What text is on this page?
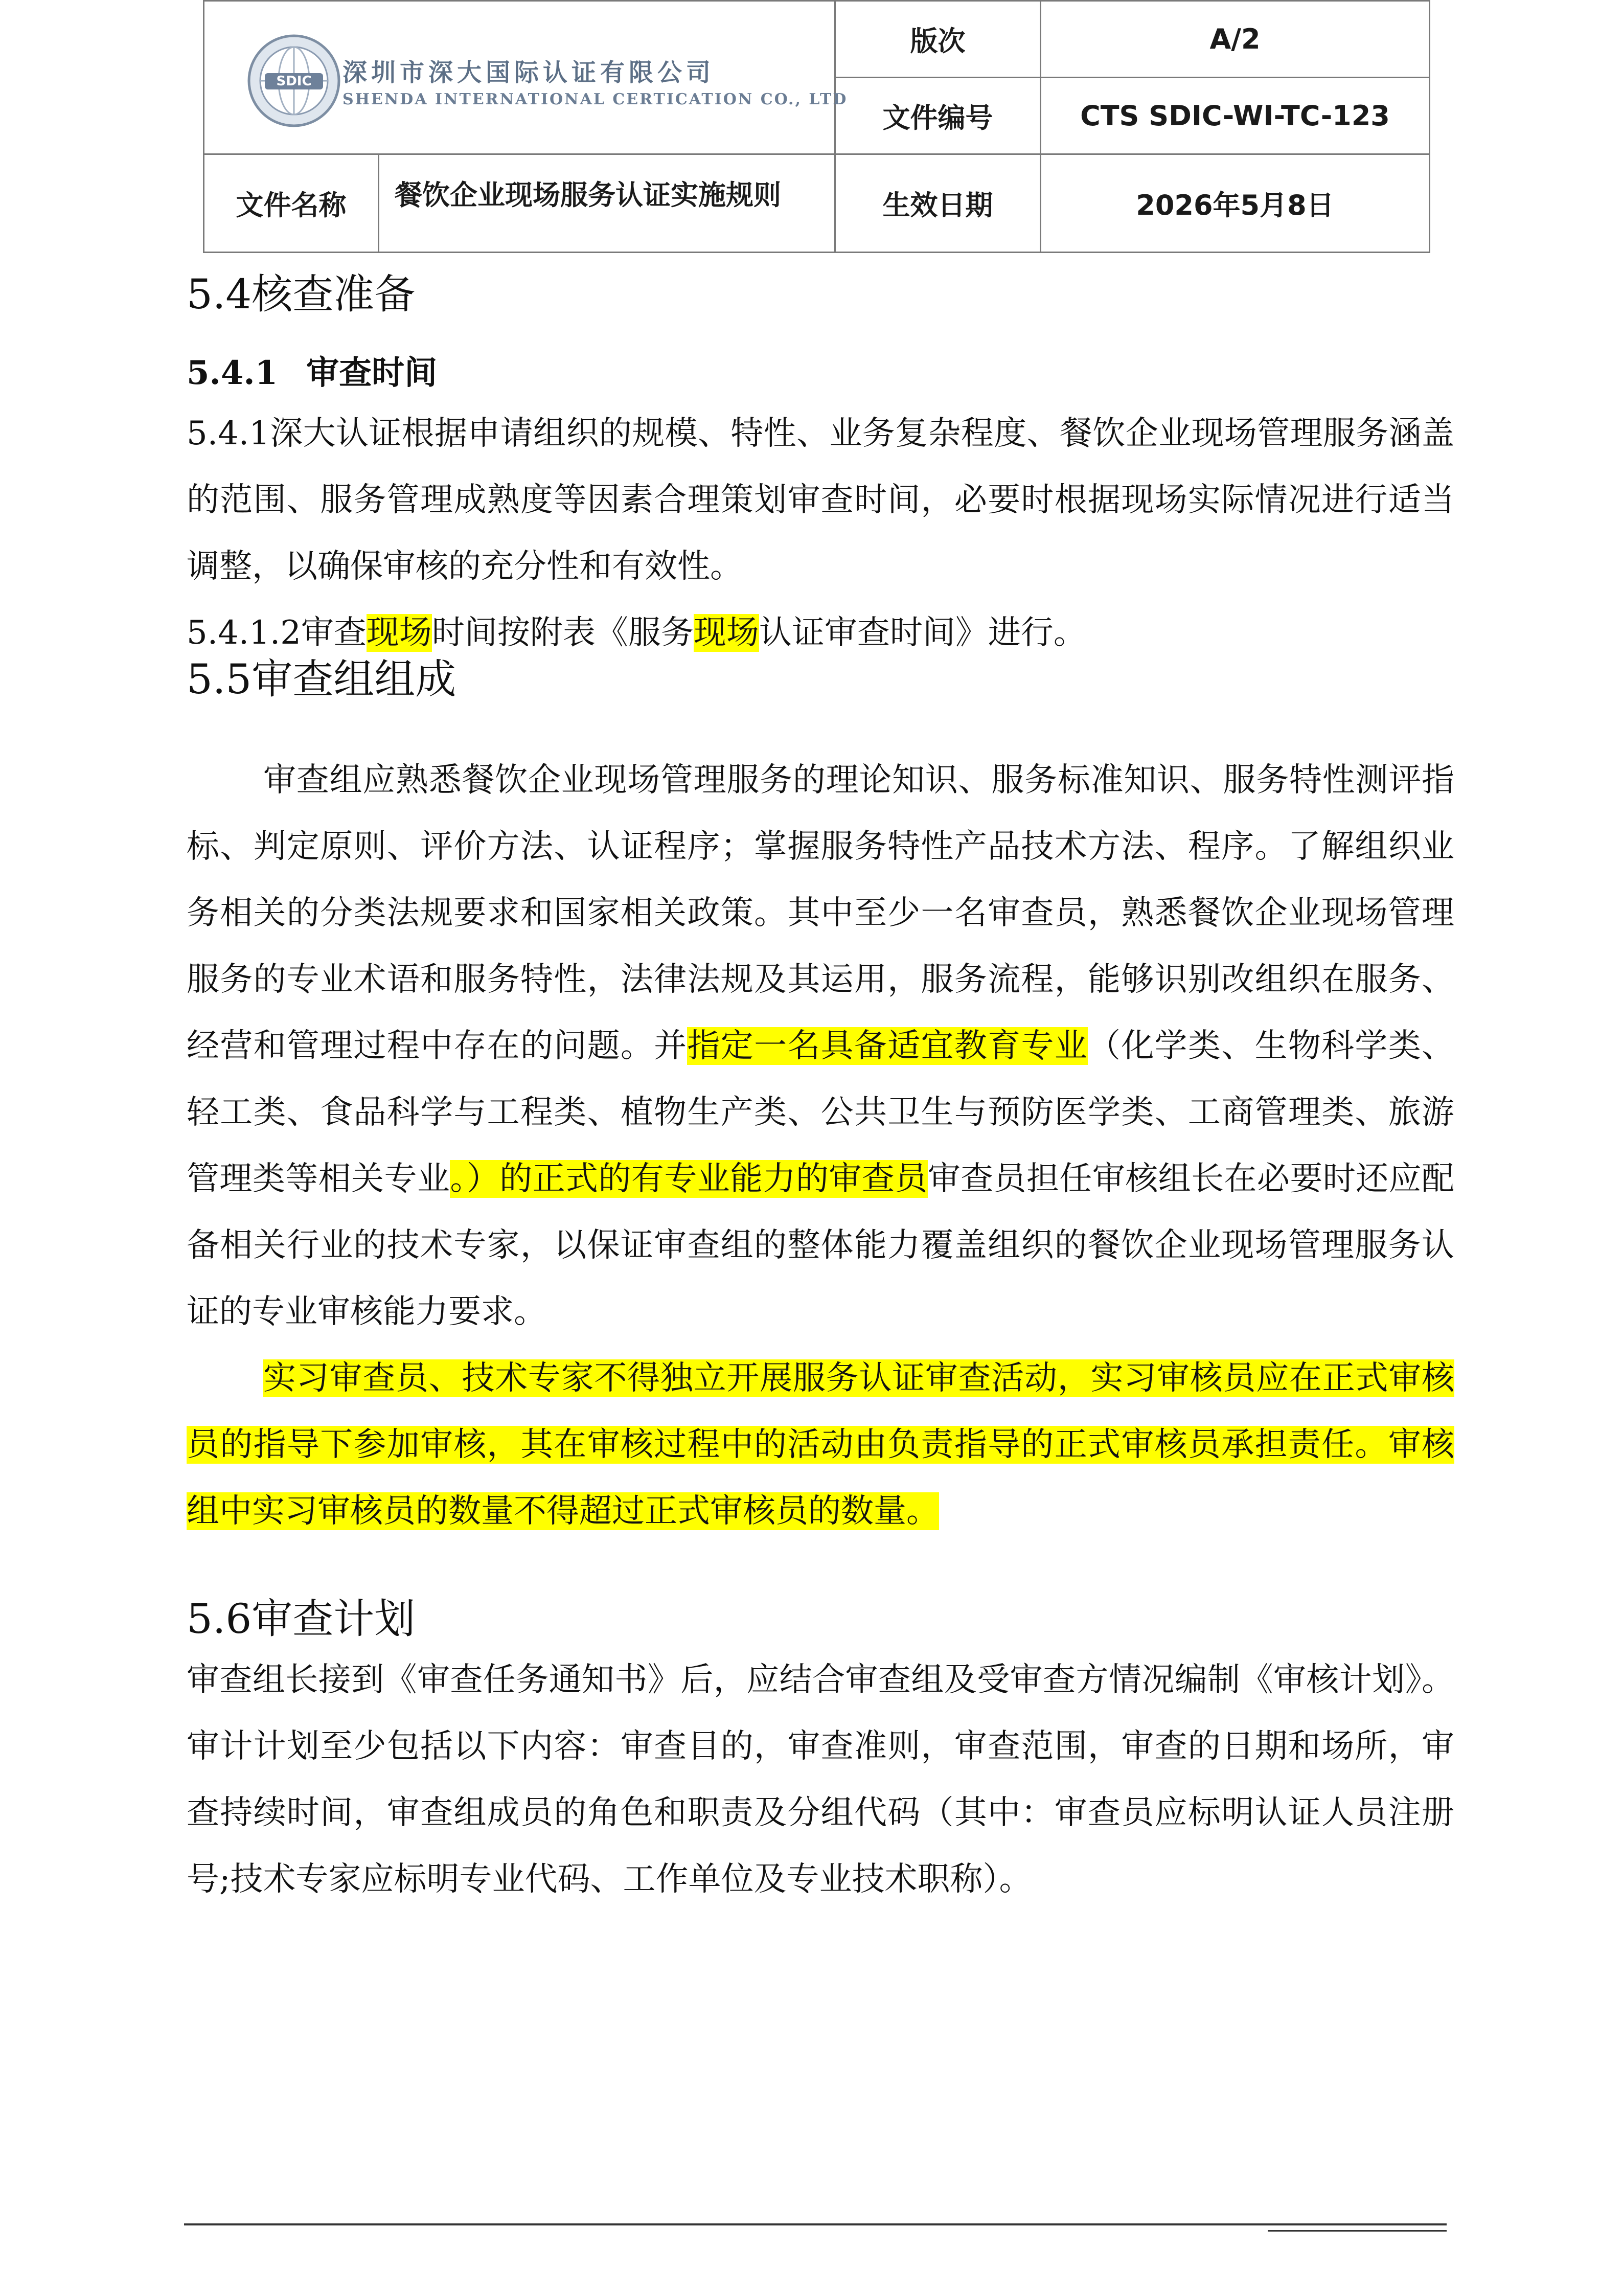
SDIC 深圳市深大国际认证有限公司
SHENDA INTERNATIONAL CERTICATION CO., LTD		版次	A/2
		文件编号	CTS SDIC-WI-TC-123
文件名称	餐饮企业现场服务认证实施规则	生效日期	2026年5月8日
5.4核查准备
5.4.1 审查时间

5.4.1深大认证根据申请组织的规模、特性、业务复杂程度、餐饮企业现场管理服务涵盖的范围、服务管理成熟度等因素合理策划审查时间，必要时根据现场实际情况进行适当调整，以确保审核的充分性和有效性。

5.4.1.2审查现场时间按附表《服务现场认证审查时间》进行。

5.5审查组组成

审查组应熟悉餐饮企业现场管理服务的理论知识、服务标准知识、服务特性测评指标、判定原则、评价方法、认证程序；掌握服务特性产品技术方法、程序。了解组织业务相关的分类法规要求和国家相关政策。其中至少一名审查员，熟悉餐饮企业现场管理服务的专业术语和服务特性，法律法规及其运用，服务流程，能够识别改组织在服务、经营和管理过程中存在的问题。并指定一名具备适宜教育专业（化学类、生物科学类、轻工类、食品科学与工程类、植物生产类、公共卫生与预防医学类、工商管理类、旅游管理类等相关专业。）的正式的有专业能力的审查员审查员担任审核组长在必要时还应配备相关行业的技术专家，以保证审查组的整体能力覆盖组织的餐饮企业现场管理服务认证的专业审核能力要求。

实习审查员、技术专家不得独立开展服务认证审查活动，实习审核员应在正式审核员的指导下参加审核，其在审核过程中的活动由负责指导的正式审核员承担责任。审核组中实习审核员的数量不得超过正式审核员的数量。

5.6审查计划

审查组长接到《审查任务通知书》后，应结合审查组及受审查方情况编制《审核计划》。审计计划至少包括以下内容：审查目的，审查准则，审查范围，审查的日期和场所，审查持续时间，审查组成员的角色和职责及分组代码（其中：审查员应标明认证人员注册号;技术专家应标明专业代码、工作单位及专业技术职称）。
